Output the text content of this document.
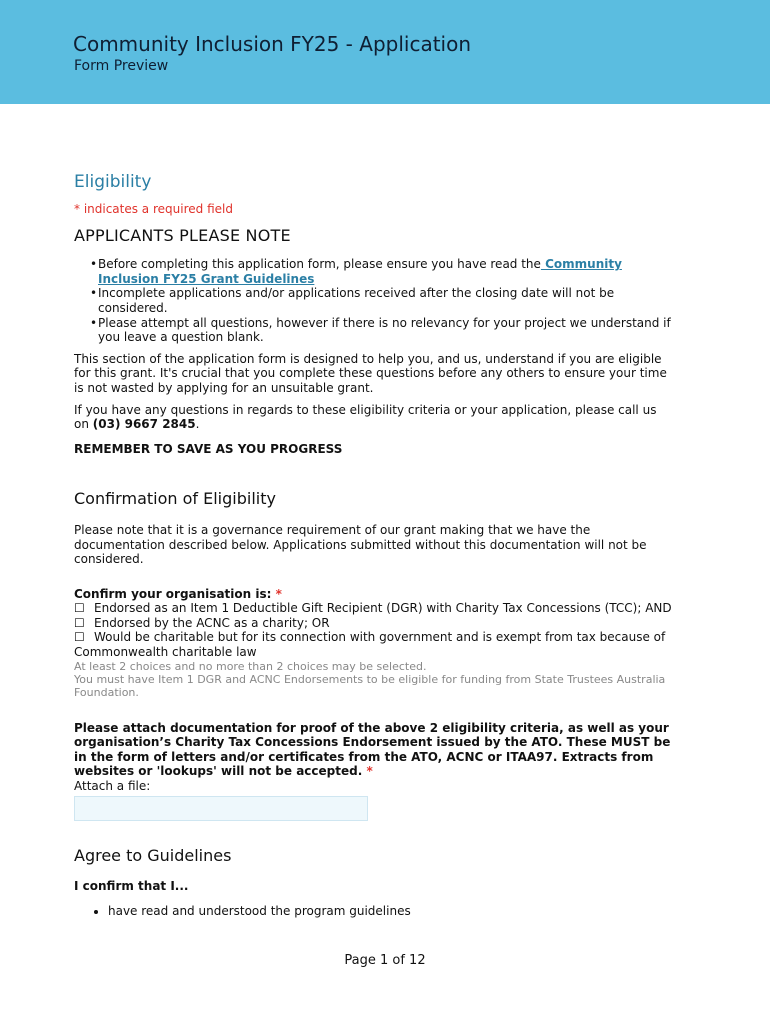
Community Inclusion FY25 - Application
Form Preview
Eligibility
* indicates a required field
APPLICANTS PLEASE NOTE
• Before completing this application form, please ensure you have read the Community Inclusion FY25 Grant Guidelines
• Incomplete applications and/or applications received after the closing date will not be considered.
• Please attempt all questions, however if there is no relevancy for your project we understand if you leave a question blank.
This section of the application form is designed to help you, and us, understand if you are eligible for this grant. It's crucial that you complete these questions before any others to ensure your time is not wasted by applying for an unsuitable grant.
If you have any questions in regards to these eligibility criteria or your application, please call us on (03) 9667 2845.
REMEMBER TO SAVE AS YOU PROGRESS
Confirmation of Eligibility
Please note that it is a governance requirement of our grant making that we have the documentation described below. Applications submitted without this documentation will not be considered.
Confirm your organisation is: *
☐ Endorsed as an Item 1 Deductible Gift Recipient (DGR) with Charity Tax Concessions (TCC); AND
☐ Endorsed by the ACNC as a charity; OR
☐ Would be charitable but for its connection with government and is exempt from tax because of Commonwealth charitable law
At least 2 choices and no more than 2 choices may be selected.
You must have Item 1 DGR and ACNC Endorsements to be eligible for funding from State Trustees Australia Foundation.
Please attach documentation for proof of the above 2 eligibility criteria, as well as your organisation’s Charity Tax Concessions Endorsement issued by the ATO. These MUST be in the form of letters and/or certificates from the ATO, ACNC or ITAA97. Extracts from websites or 'lookups' will not be accepted. *
Attach a file:
Agree to Guidelines
I confirm that I...
• have read and understood the program guidelines
Page 1 of 12
